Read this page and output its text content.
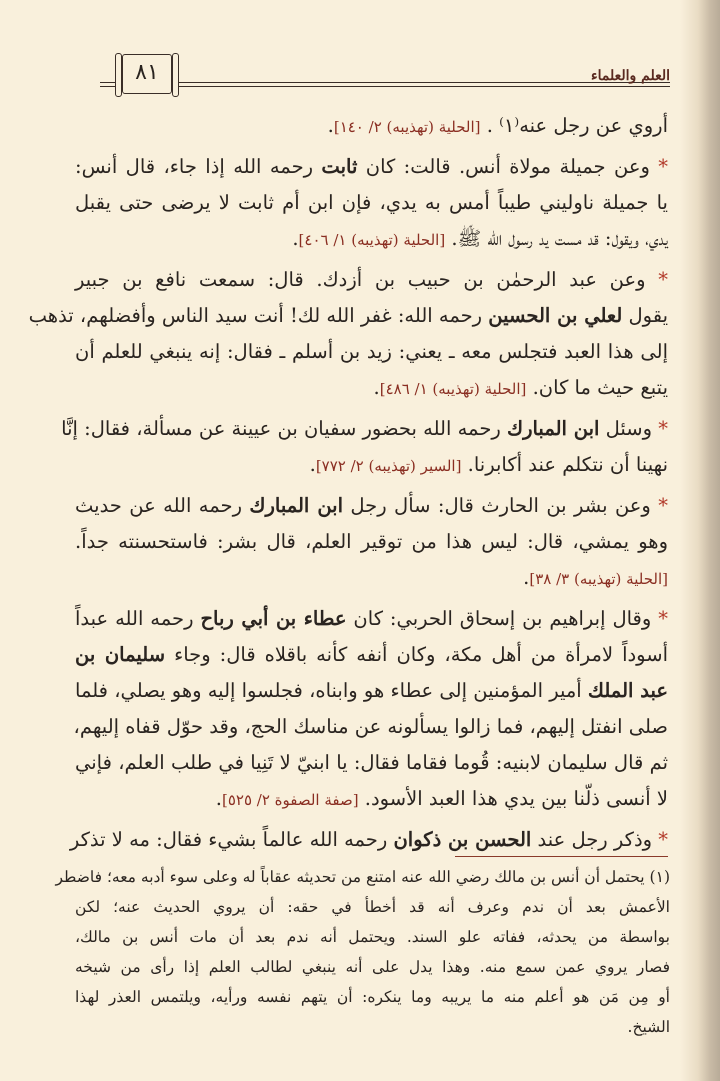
٨١	العلم والعلماء
أروي عن رجل عنه⁽١⁾ . [الحلية (تهذيبه) ٢/ ١٤٠].
* وعن جميلة مولاة أنس. قالت: كان ثابت رحمه الله إذا جاء، قال أنس:
يا جميلة ناوليني طيباً أمس به يدي، فإن ابن أم ثابت لا يرضى حتى يقبل
يدي، ويقول: قد مست يد رسول الله ﷺ. [الحلية (تهذيبه) ١/ ٤٠٦].
* وعن عبد الرحمٰن بن حبيب بن أزدك. قال: سمعت نافع بن جبير
يقول لعلي بن الحسين رحمه الله: غفر الله لك! أنت سيد الناس وأفضلهم، تذهب
إلى هذا العبد فتجلس معه ـ يعني: زيد بن أسلم ـ فقال: إنه ينبغي للعلم أن
يتبع حيث ما كان. [الحلية (تهذيبه) ١/ ٤٨٦].
* وسئل ابن المبارك رحمه الله بحضور سفيان بن عيينة عن مسألة، فقال: إنَّا
نهينا أن نتكلم عند أكابرنا. [السير (تهذيبه) ٢/ ٧٧٢].
* وعن بشر بن الحارث قال: سأل رجل ابن المبارك رحمه الله عن حديث
وهو يمشي، قال: ليس هذا من توقير العلم، قال بشر: فاستحسنته جداً.
[الحلية (تهذيبه) ٣/ ٣٨].
* وقال إبراهيم بن إسحاق الحربي: كان عطاء بن أبي رباح رحمه الله عبداً
أسوداً لامرأة من أهل مكة، وكان أنفه كأنه باقلاه قال: وجاء سليمان بن
عبد الملك أمير المؤمنين إلى عطاء هو وابناه، فجلسوا إليه وهو يصلي، فلما
صلى انفتل إليهم، فما زالوا يسألونه عن مناسك الحج، وقد حوّل قفاه إليهم،
ثم قال سليمان لابنيه: قُوما فقاما فقال: يا ابنيّ لا تَنِيا في طلب العلم، فإني
لا أنسى ذلّنا بين يدي هذا العبد الأسود. [صفة الصفوة ٢/ ٥٢٥].
* وذكر رجل عند الحسن بن ذكوان رحمه الله عالماً بشيء فقال: مه لا تذكر
(١) يحتمل أن أنس بن مالك رضي الله عنه امتنع من تحديثه عقاباً له وعلى سوء أدبه معه؛ فاضطر
الأعمش بعد أن ندم وعرف أنه قد أخطأ في حقه: أن يروي الحديث عنه؛ لكن
بواسطة من يحدثه، ففاته علو السند. ويحتمل أنه ندم بعد أن مات أنس بن مالك،
فصار يروي عمن سمع منه. وهذا يدل على أنه ينبغي لطالب العلم إذا رأى من شيخه
أو مِن مَن هو أعلم منه ما يريبه وما ينكره: أن يتهم نفسه ورأيه، ويلتمس العذر لهذا
الشيخ.
